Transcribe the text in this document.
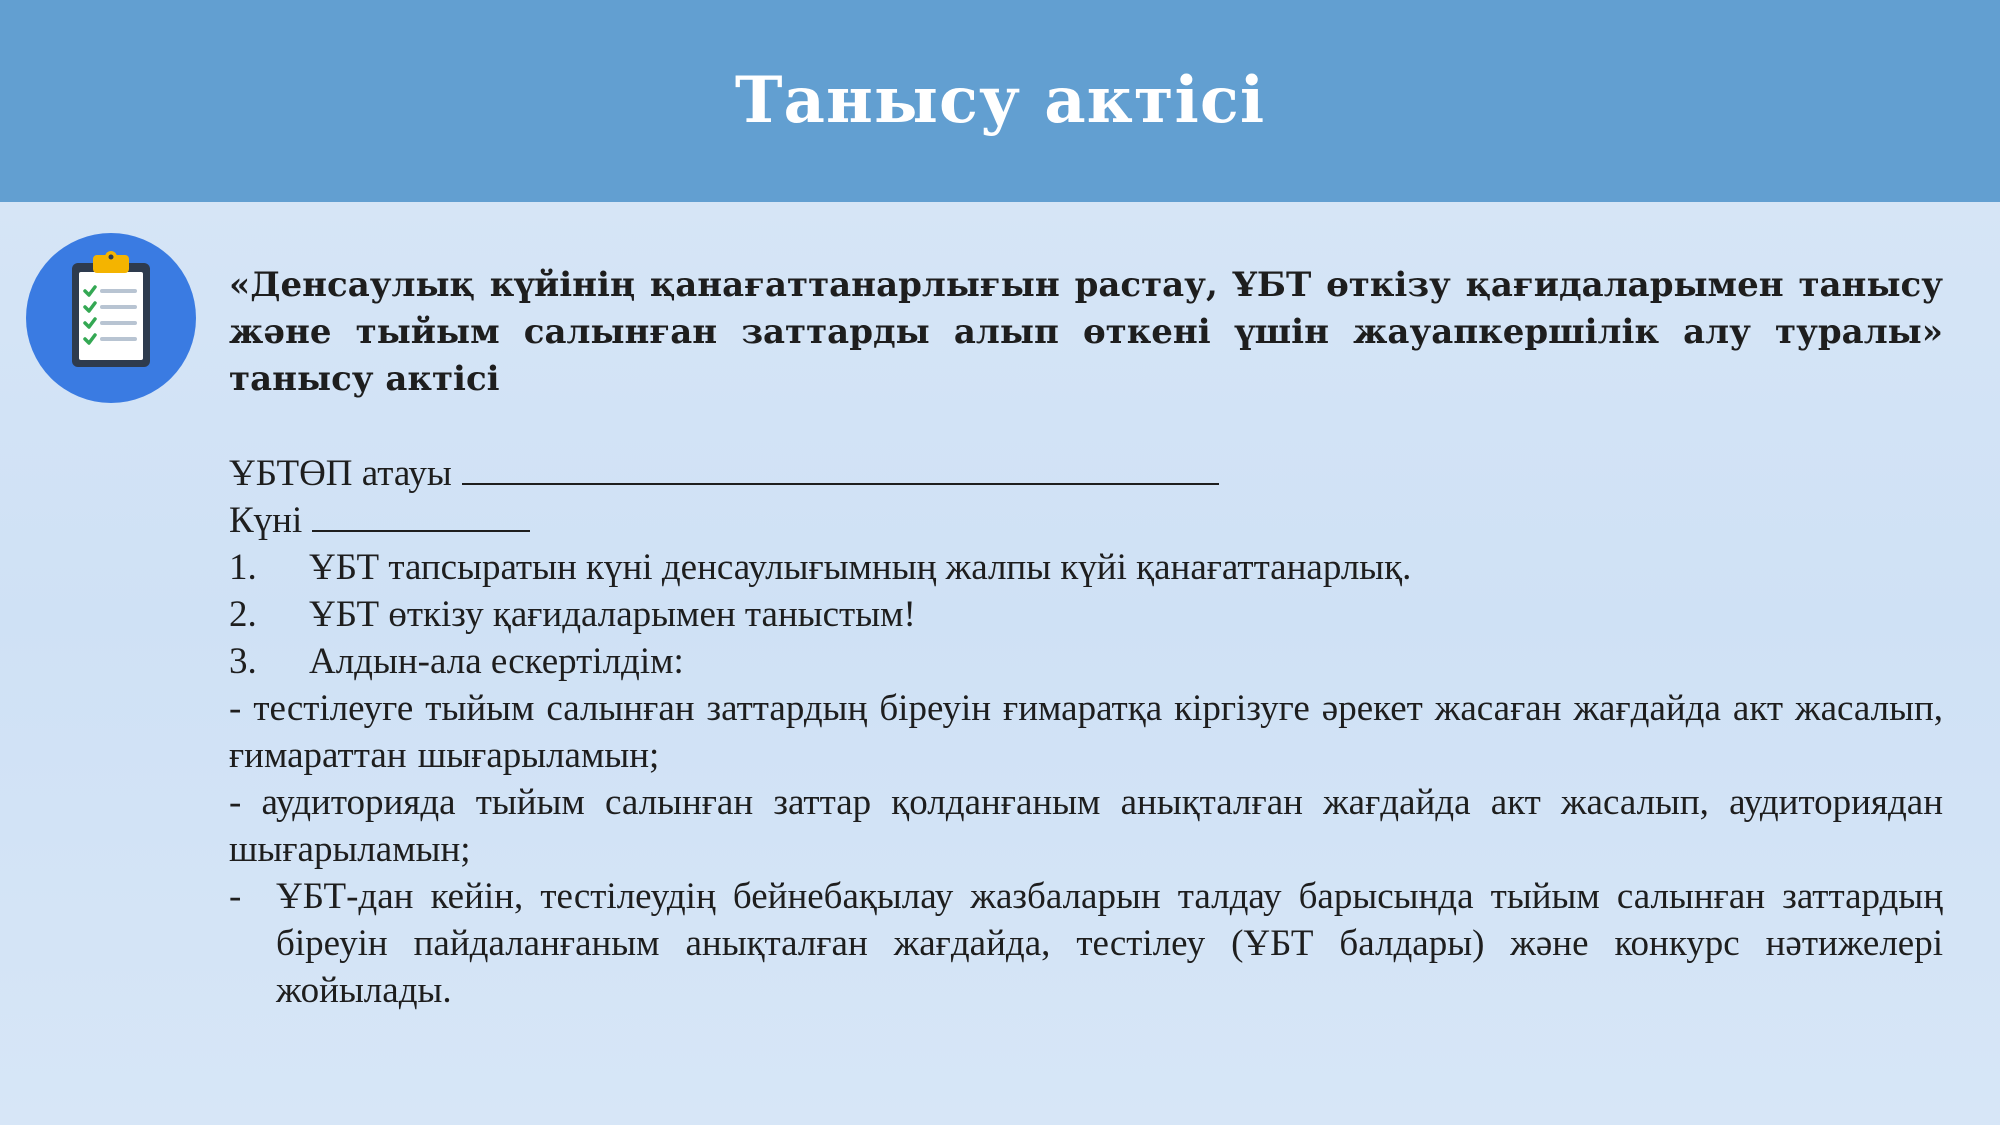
Танысу актісі

«Денсаулық күйінің қанағаттанарлығын растау, ҰБТ өткізу қағидаларымен танысу және тыйым салынған заттарды алып өткені үшін жауапкершілік алу туралы» танысу актісі

ҰБТӨП атауы

Күні

1.	ҰБТ тапсыратын күні денсаулығымның жалпы күйі қанағаттанарлық.
2.	ҰБТ өткізу қағидаларымен таныстым!
3.	Алдын-ала ескертілдім:

- тестілеуге тыйым салынған заттардың біреуін ғимаратқа кіргізуге әрекет жасаған жағдайда акт жасалып, ғимараттан шығарыламын;

- аудиторияда тыйым салынған заттар қолданғаным анықталған жағдайда акт жасалып, аудиториядан шығарыламын;

- ҰБТ-дан кейін, тестілеудің бейнебақылау жазбаларын талдау барысында тыйым салынған заттардың біреуін пайдаланғаным анықталған жағдайда, тестілеу (ҰБТ балдары) және конкурс нәтижелері жойылады.
